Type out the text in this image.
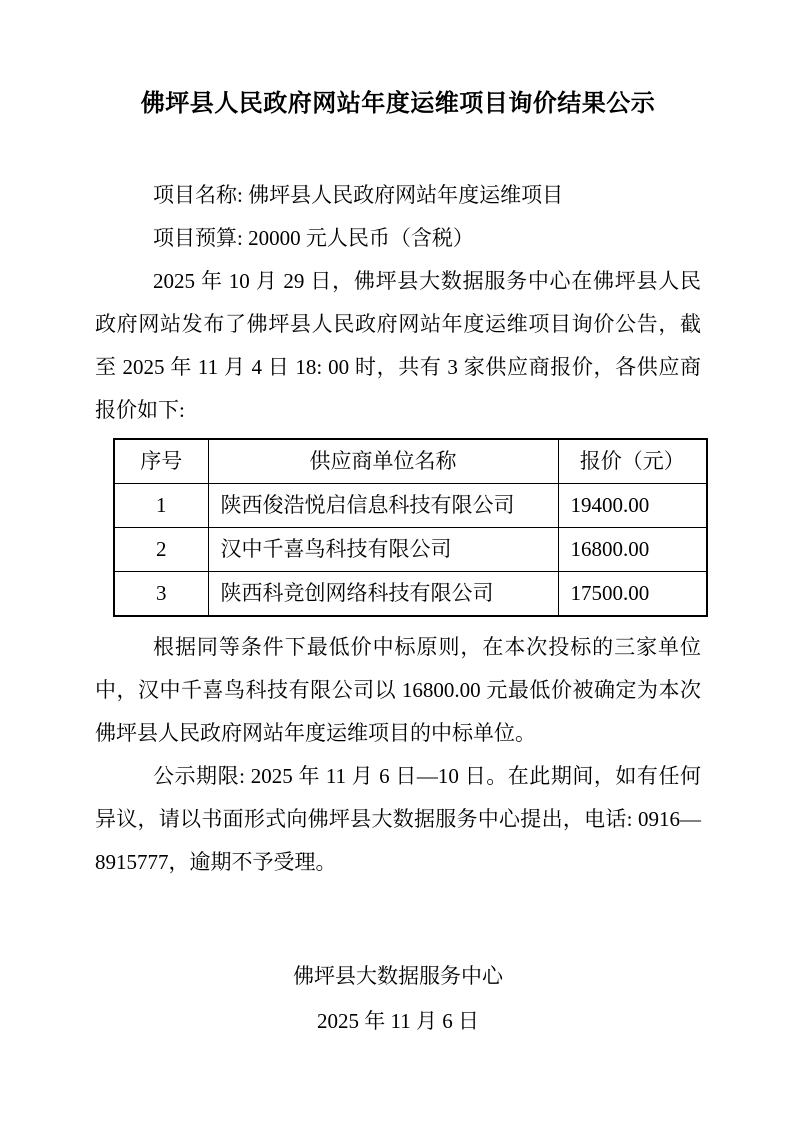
佛坪县人民政府网站年度运维项目询价结果公示

项目名称: 佛坪县人民政府网站年度运维项目

项目预算: 20000 元人民币（含税）

2025 年 10 月 29 日，佛坪县大数据服务中心在佛坪县人民政府网站发布了佛坪县人民政府网站年度运维项目询价公告，截至 2025 年 11 月 4 日 18: 00 时，共有 3 家供应商报价，各供应商报价如下:

序号	供应商单位名称	报价（元）
1	陕西俊浩悦启信息科技有限公司	19400.00
2	汉中千喜鸟科技有限公司	16800.00
3	陕西科竞创网络科技有限公司	17500.00

根据同等条件下最低价中标原则，在本次投标的三家单位中，汉中千喜鸟科技有限公司以 16800.00 元最低价被确定为本次佛坪县人民政府网站年度运维项目的中标单位。

公示期限: 2025 年 11 月 6 日—10 日。在此期间，如有任何异议，请以书面形式向佛坪县大数据服务中心提出，电话: 0916—8915777，逾期不予受理。

佛坪县大数据服务中心

2025 年 11 月 6 日
